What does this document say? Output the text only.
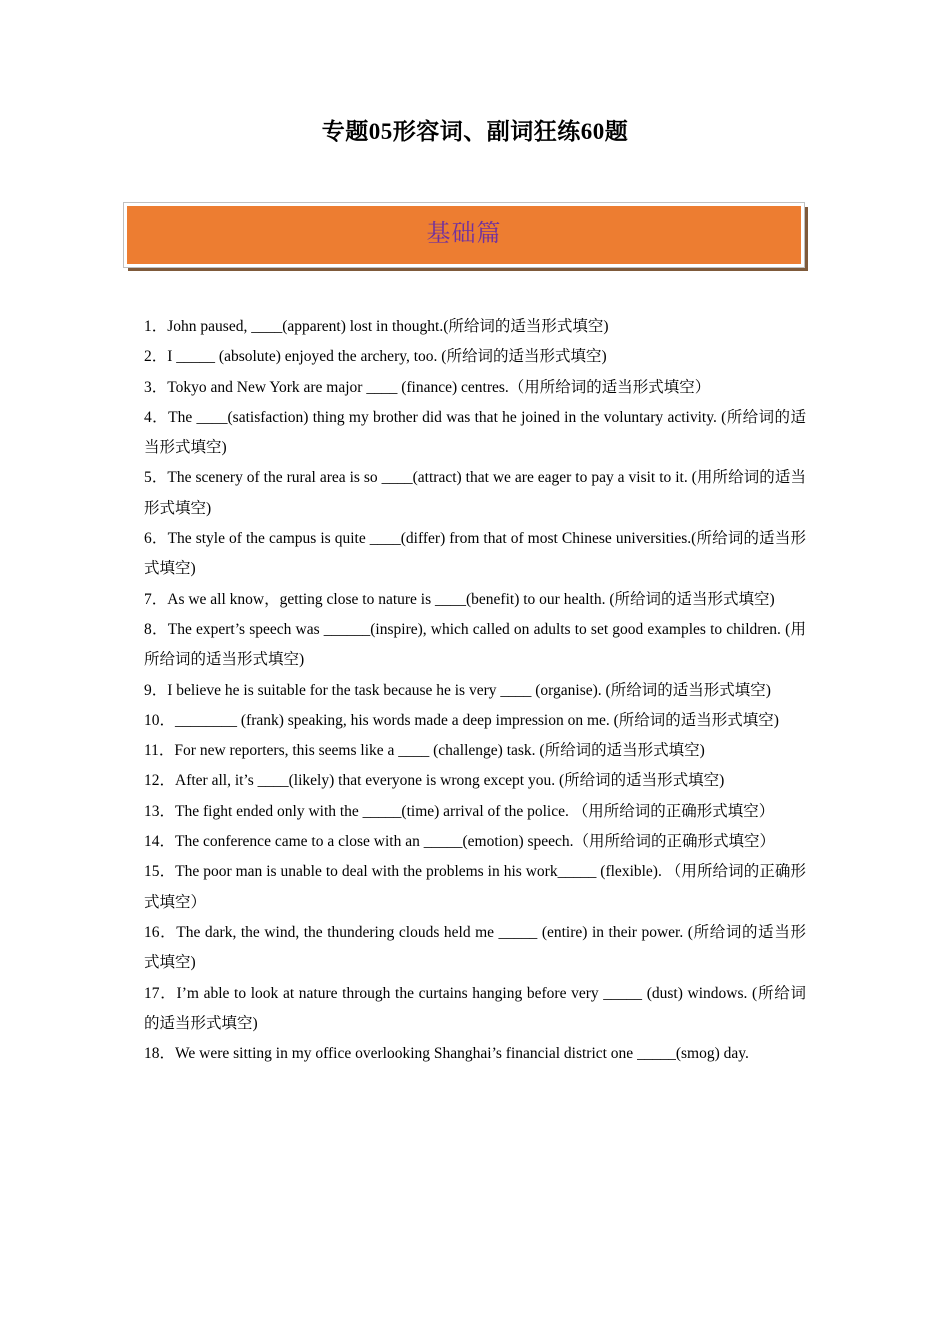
专题05形容词、副词狂练60题
基础篇

1．John paused, ____(apparent) lost in thought.(所给词的适当形式填空)

2．I _____ (absolute) enjoyed the archery, too. (所给词的适当形式填空)

3．Tokyo and New York are major ____ (finance) centres.（用所给词的适当形式填空）

4．The ____(satisfaction) thing my brother did was that he joined in the voluntary activity. (所给词的适当形式填空)

5．The scenery of the rural area is so ____(attract) that we are eager to pay a visit to it. (用所给词的适当形式填空)

6．The style of the campus is quite ____(differ) from that of most Chinese universities.(所给词的适当形式填空)

7．As we all know，getting close to nature is ____(benefit) to our health. (所给词的适当形式填空)

8．The expert’s speech was ______(inspire), which called on adults to set good examples to children. (用所给词的适当形式填空)

9．I believe he is suitable for the task because he is very ____ (organise). (所给词的适当形式填空)

10．________ (frank) speaking, his words made a deep impression on me. (所给词的适当形式填空)

11．For new reporters, this seems like a ____ (challenge) task. (所给词的适当形式填空)

12．After all, it’s ____(likely) that everyone is wrong except you. (所给词的适当形式填空)

13．The fight ended only with the _____(time) arrival of the police. （用所给词的正确形式填空）

14．The conference came to a close with an _____(emotion) speech.（用所给词的正确形式填空）

15．The poor man is unable to deal with the problems in his work_____ (flexible). （用所给词的正确形式填空）

16．The dark, the wind, the thundering clouds held me _____ (entire) in their power. (所给词的适当形式填空)

17．I’m able to look at nature through the curtains hanging before very _____ (dust) windows. (所给词的适当形式填空)

18．We were sitting in my office overlooking Shanghai’s financial district one _____(smog) day.
